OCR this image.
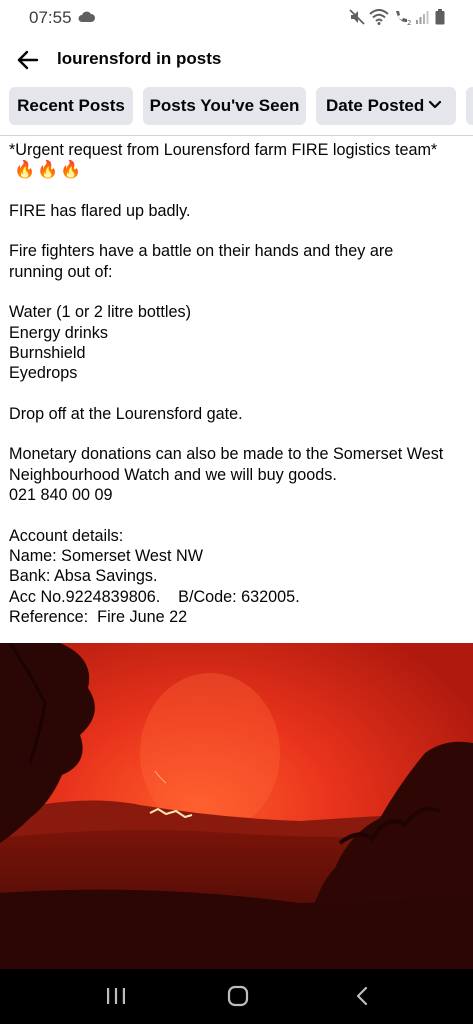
07:55	2
lourensford in posts
Recent Posts	Posts You've Seen	Date Posted
*Urgent request from Lourensford farm FIRE logistics team*
🔥🔥🔥
FIRE has flared up badly.
Fire fighters have a battle on their hands and they are
running out of:
Water (1 or 2 litre bottles)
Energy drinks
Burnshield
Eyedrops
Drop off at the Lourensford gate.
Monetary donations can also be made to the Somerset West
Neighbourhood Watch and we will buy goods.
021 840 00 09
Account details:
Name: Somerset West NW
Bank: Absa Savings.
Acc No.9224839806.    B/Code: 632005.
Reference:  Fire June 22
